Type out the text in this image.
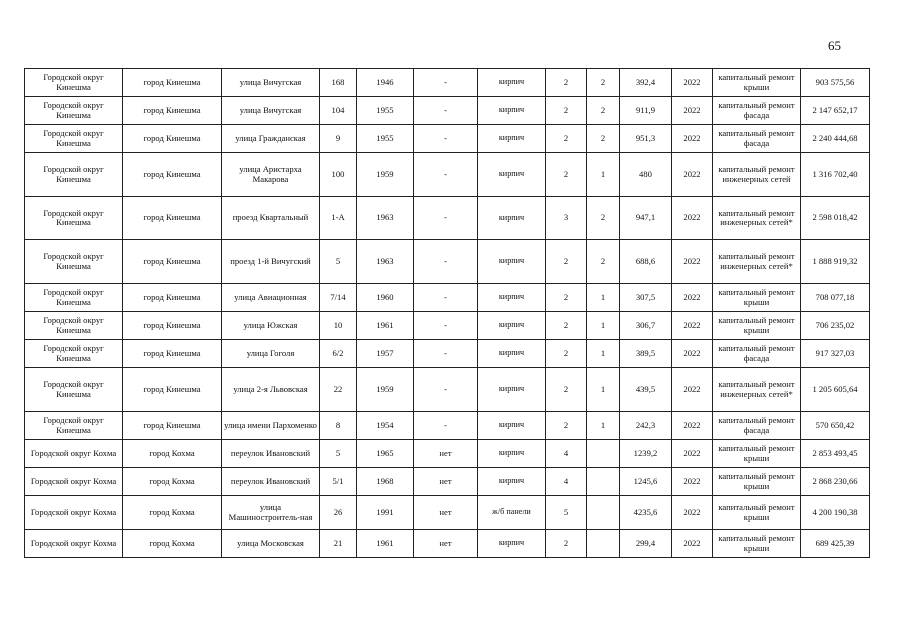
65
Городской округ Кинешма	город Кинешма	улица Вичугская	168	1946	-	кирпич	2	2	392,4	2022	капитальный ремонт крыши	903 575,56
Городской округ Кинешма	город Кинешма	улица Вичугская	104	1955	-	кирпич	2	2	911,9	2022	капитальный ремонт фасада	2 147 652,17
Городской округ Кинешма	город Кинешма	улица Гражданская	9	1955	-	кирпич	2	2	951,3	2022	капитальный ремонт фасада	2 240 444,68
Городской округ Кинешма	город Кинешма	улица Аристарха Макарова	100	1959	-	кирпич	2	1	480	2022	капитальный ремонт инженерных сетей	1 316 702,40
Городской округ Кинешма	город Кинешма	проезд Квартальный	1-А	1963	-	кирпич	3	2	947,1	2022	капитальный ремонт инженерных сетей*	2 598 018,42
Городской округ Кинешма	город Кинешма	проезд 1-й Вичугский	5	1963	-	кирпич	2	2	688,6	2022	капитальный ремонт инженерных сетей*	1 888 919,32
Городской округ Кинешма	город Кинешма	улица Авиационная	7/14	1960	-	кирпич	2	1	307,5	2022	капитальный ремонт крыши	708 077,18
Городской округ Кинешма	город Кинешма	улица Южская	10	1961	-	кирпич	2	1	306,7	2022	капитальный ремонт крыши	706 235,02
Городской округ Кинешма	город Кинешма	улица Гоголя	6/2	1957	-	кирпич	2	1	389,5	2022	капитальный ремонт фасада	917 327,03
Городской округ Кинешма	город Кинешма	улица 2-я Львовская	22	1959	-	кирпич	2	1	439,5	2022	капитальный ремонт инженерных сетей*	1 205 605,64
Городской округ Кинешма	город Кинешма	улица имени Пархоменко	8	1954	-	кирпич	2	1	242,3	2022	капитальный ремонт фасада	570 650,42
Городской округ Кохма	город Кохма	переулок Ивановский	5	1965	нет	кирпич	4		1239,2	2022	капитальный ремонт крыши	2 853 493,45
Городской округ Кохма	город Кохма	переулок Ивановский	5/1	1968	нет	кирпич	4		1245,6	2022	капитальный ремонт крыши	2 868 230,66
Городской округ Кохма	город Кохма	улица Машиностроитель-ная	26	1991	нет	ж/б панели	5		4235,6	2022	капитальный ремонт крыши	4 200 190,38
Городской округ Кохма	город Кохма	улица Московская	21	1961	нет	кирпич	2		299,4	2022	капитальный ремонт крыши	689 425,39
